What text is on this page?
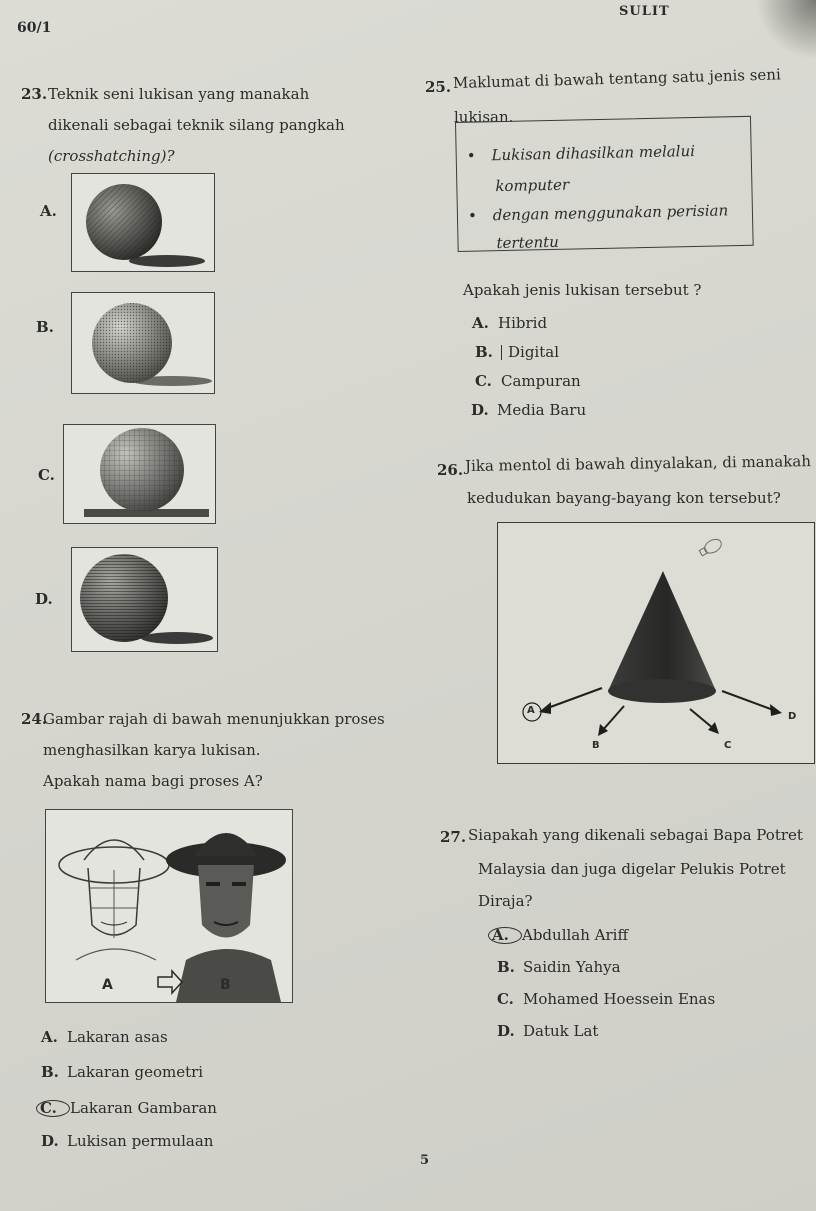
60/1
SULIT
23. Teknik seni lukisan yang manakah
dikenali sebagai teknik silang pangkah
(crosshatching)?
A.
B.
C.
D.
24.
Gambar rajah di bawah menunjukkan proses
menghasilkan karya lukisan.
Apakah nama bagi proses A?
A	B
A. Lakaran asas
B. Lakaran geometri
C. Lakaran Gambaran
D. Lukisan permulaan
25. Maklumat di bawah tentang satu jenis seni
lukisan.
• Lukisan dihasilkan melalui
komputer
• dengan menggunakan perisian
tertentu
Apakah jenis lukisan tersebut ?
A. Hibrid
B. Digital
C. Campuran
D. Media Baru
26. Jika mentol di bawah dinyalakan, di manakah
kedudukan bayang-bayang kon tersebut?
A
B	C
D
27. Siapakah yang dikenali sebagai Bapa Potret
Malaysia dan juga digelar Pelukis Potret
Diraja?
A. Abdullah Ariff
B. Saidin Yahya
C. Mohamed Hoessein Enas
D. Datuk Lat
5
